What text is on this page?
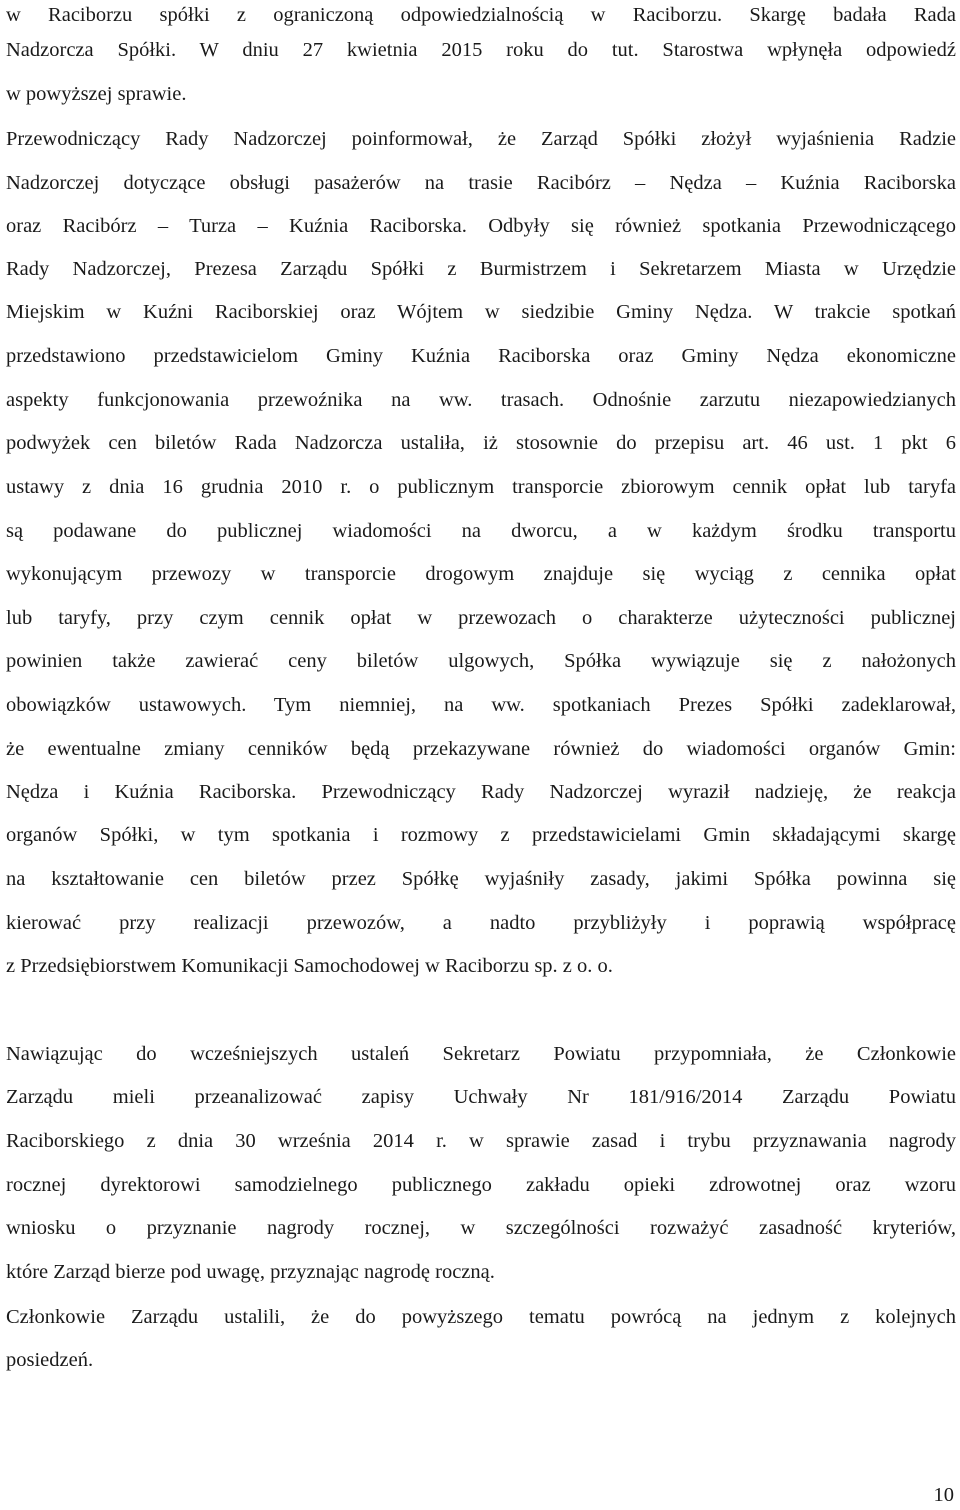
w Raciborzu spółki z ograniczoną odpowiedzialnością w Raciborzu. Skargę badała Rada
Nadzorcza Spółki. W dniu 27 kwietnia 2015 roku do tut. Starostwa wpłynęła odpowiedź
w powyższej sprawie.
Przewodniczący Rady Nadzorczej poinformował, że Zarząd Spółki złożył wyjaśnienia Radzie
Nadzorczej dotyczące obsługi pasażerów na trasie Racibórz – Nędza – Kuźnia Raciborska
oraz Racibórz – Turza – Kuźnia Raciborska. Odbyły się również spotkania Przewodniczącego
Rady Nadzorczej, Prezesa Zarządu Spółki z Burmistrzem i Sekretarzem Miasta w Urzędzie
Miejskim w Kuźni Raciborskiej oraz Wójtem w siedzibie Gminy Nędza. W trakcie spotkań
przedstawiono przedstawicielom Gminy Kuźnia Raciborska oraz Gminy Nędza ekonomiczne
aspekty funkcjonowania przewoźnika na ww. trasach. Odnośnie zarzutu niezapowiedzianych
podwyżek cen biletów Rada Nadzorcza ustaliła, iż stosownie do przepisu art. 46 ust. 1 pkt 6
ustawy z dnia 16 grudnia 2010 r. o publicznym transporcie zbiorowym cennik opłat lub taryfa
są podawane do publicznej wiadomości na dworcu, a w każdym środku transportu
wykonującym przewozy w transporcie drogowym znajduje się wyciąg z cennika opłat
lub taryfy, przy czym cennik opłat w przewozach o charakterze użyteczności publicznej
powinien także zawierać ceny biletów ulgowych, Spółka wywiązuje się z nałożonych
obowiązków ustawowych. Tym niemniej, na ww. spotkaniach Prezes Spółki zadeklarował,
że ewentualne zmiany cenników będą przekazywane również do wiadomości organów Gmin:
Nędza i Kuźnia Raciborska. Przewodniczący Rady Nadzorczej wyraził nadzieję, że reakcja
organów Spółki, w tym spotkania i rozmowy z przedstawicielami Gmin składającymi skargę
na kształtowanie cen biletów przez Spółkę wyjaśniły zasady, jakimi Spółka powinna się
kierować przy realizacji przewozów, a nadto przybliżyły i poprawią współpracę
z Przedsiębiorstwem Komunikacji Samochodowej w Raciborzu sp. z o. o.
Nawiązując do wcześniejszych ustaleń Sekretarz Powiatu przypomniała, że Członkowie
Zarządu mieli przeanalizować zapisy Uchwały Nr 181/916/2014 Zarządu Powiatu
Raciborskiego z dnia 30 września 2014 r. w sprawie zasad i trybu przyznawania nagrody
rocznej dyrektorowi samodzielnego publicznego zakładu opieki zdrowotnej oraz wzoru
wniosku o przyznanie nagrody rocznej, w szczególności rozważyć zasadność kryteriów,
które Zarząd bierze pod uwagę, przyznając nagrodę roczną.
Członkowie Zarządu ustalili, że do powyższego tematu powrócą na jednym z kolejnych
posiedzeń.
10
